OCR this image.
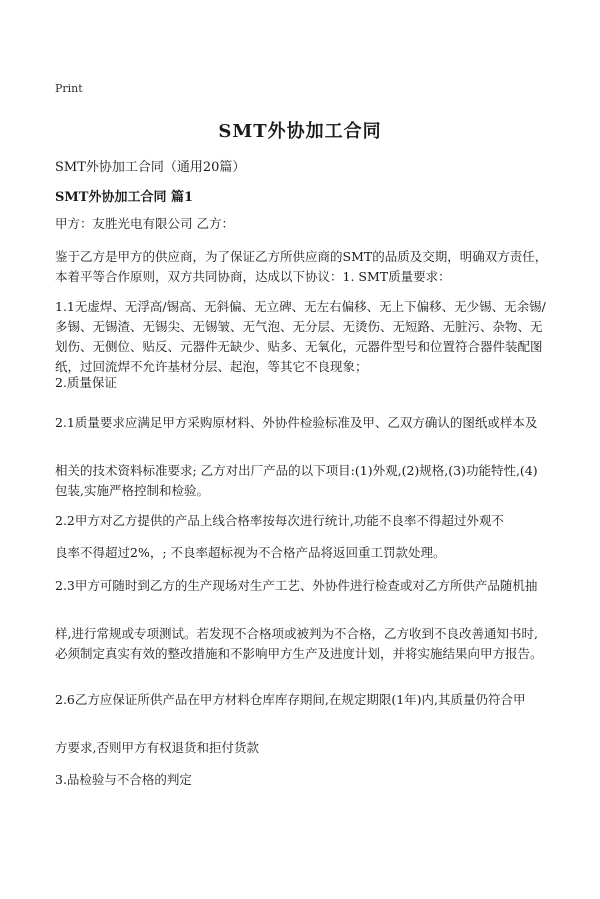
Print
SMT外协加工合同
SMT外协加工合同（通用20篇）
SMT外协加工合同 篇1
甲方：友胜光电有限公司 乙方：
鉴于乙方是甲方的供应商，为了保证乙方所供应商的SMT的品质及交期，明确双方责任，本着平等合作原则，双方共同协商，达成以下协议：1. SMT质量要求：
1.1无虚焊、无浮高/锡高、无斜偏、无立碑、无左右偏移、无上下偏移、无少锡、无余锡/多锡、无锡渣、无锡尖、无锡皱、无气泡、无分层、无烫伤、无短路、无脏污、杂物、无划伤、无侧位、贴反、元器件无缺少、贴多、无氧化，元器件型号和位置符合器件装配图纸，过回流焊不允许基材分层、起泡，等其它不良现象；
2.质量保证
2.1质量要求应满足甲方采购原材料、外协件检验标准及甲、乙双方确认的图纸或样本及
相关的技术资料标准要求; 乙方对出厂产品的以下项目:(1)外观,(2)规格,(3)功能特性,(4)包装,实施严格控制和检验。
2.2甲方对乙方提供的产品上线合格率按每次进行统计,功能不良率不得超过外观不
良率不得超过2%，; 不良率超标视为不合格产品将返回重工罚款处理。
2.3甲方可随时到乙方的生产现场对生产工艺、外协件进行检查或对乙方所供产品随机抽
样,进行常规或专项测试。若发现不合格项或被判为不合格，乙方收到不良改善通知书时,必须制定真实有效的整改措施和不影响甲方生产及进度计划，并将实施结果向甲方报告。
2.6乙方应保证所供产品在甲方材料仓库库存期间,在规定期限(1年)内,其质量仍符合甲
方要求,否则甲方有权退货和拒付货款
3.品检验与不合格的判定
